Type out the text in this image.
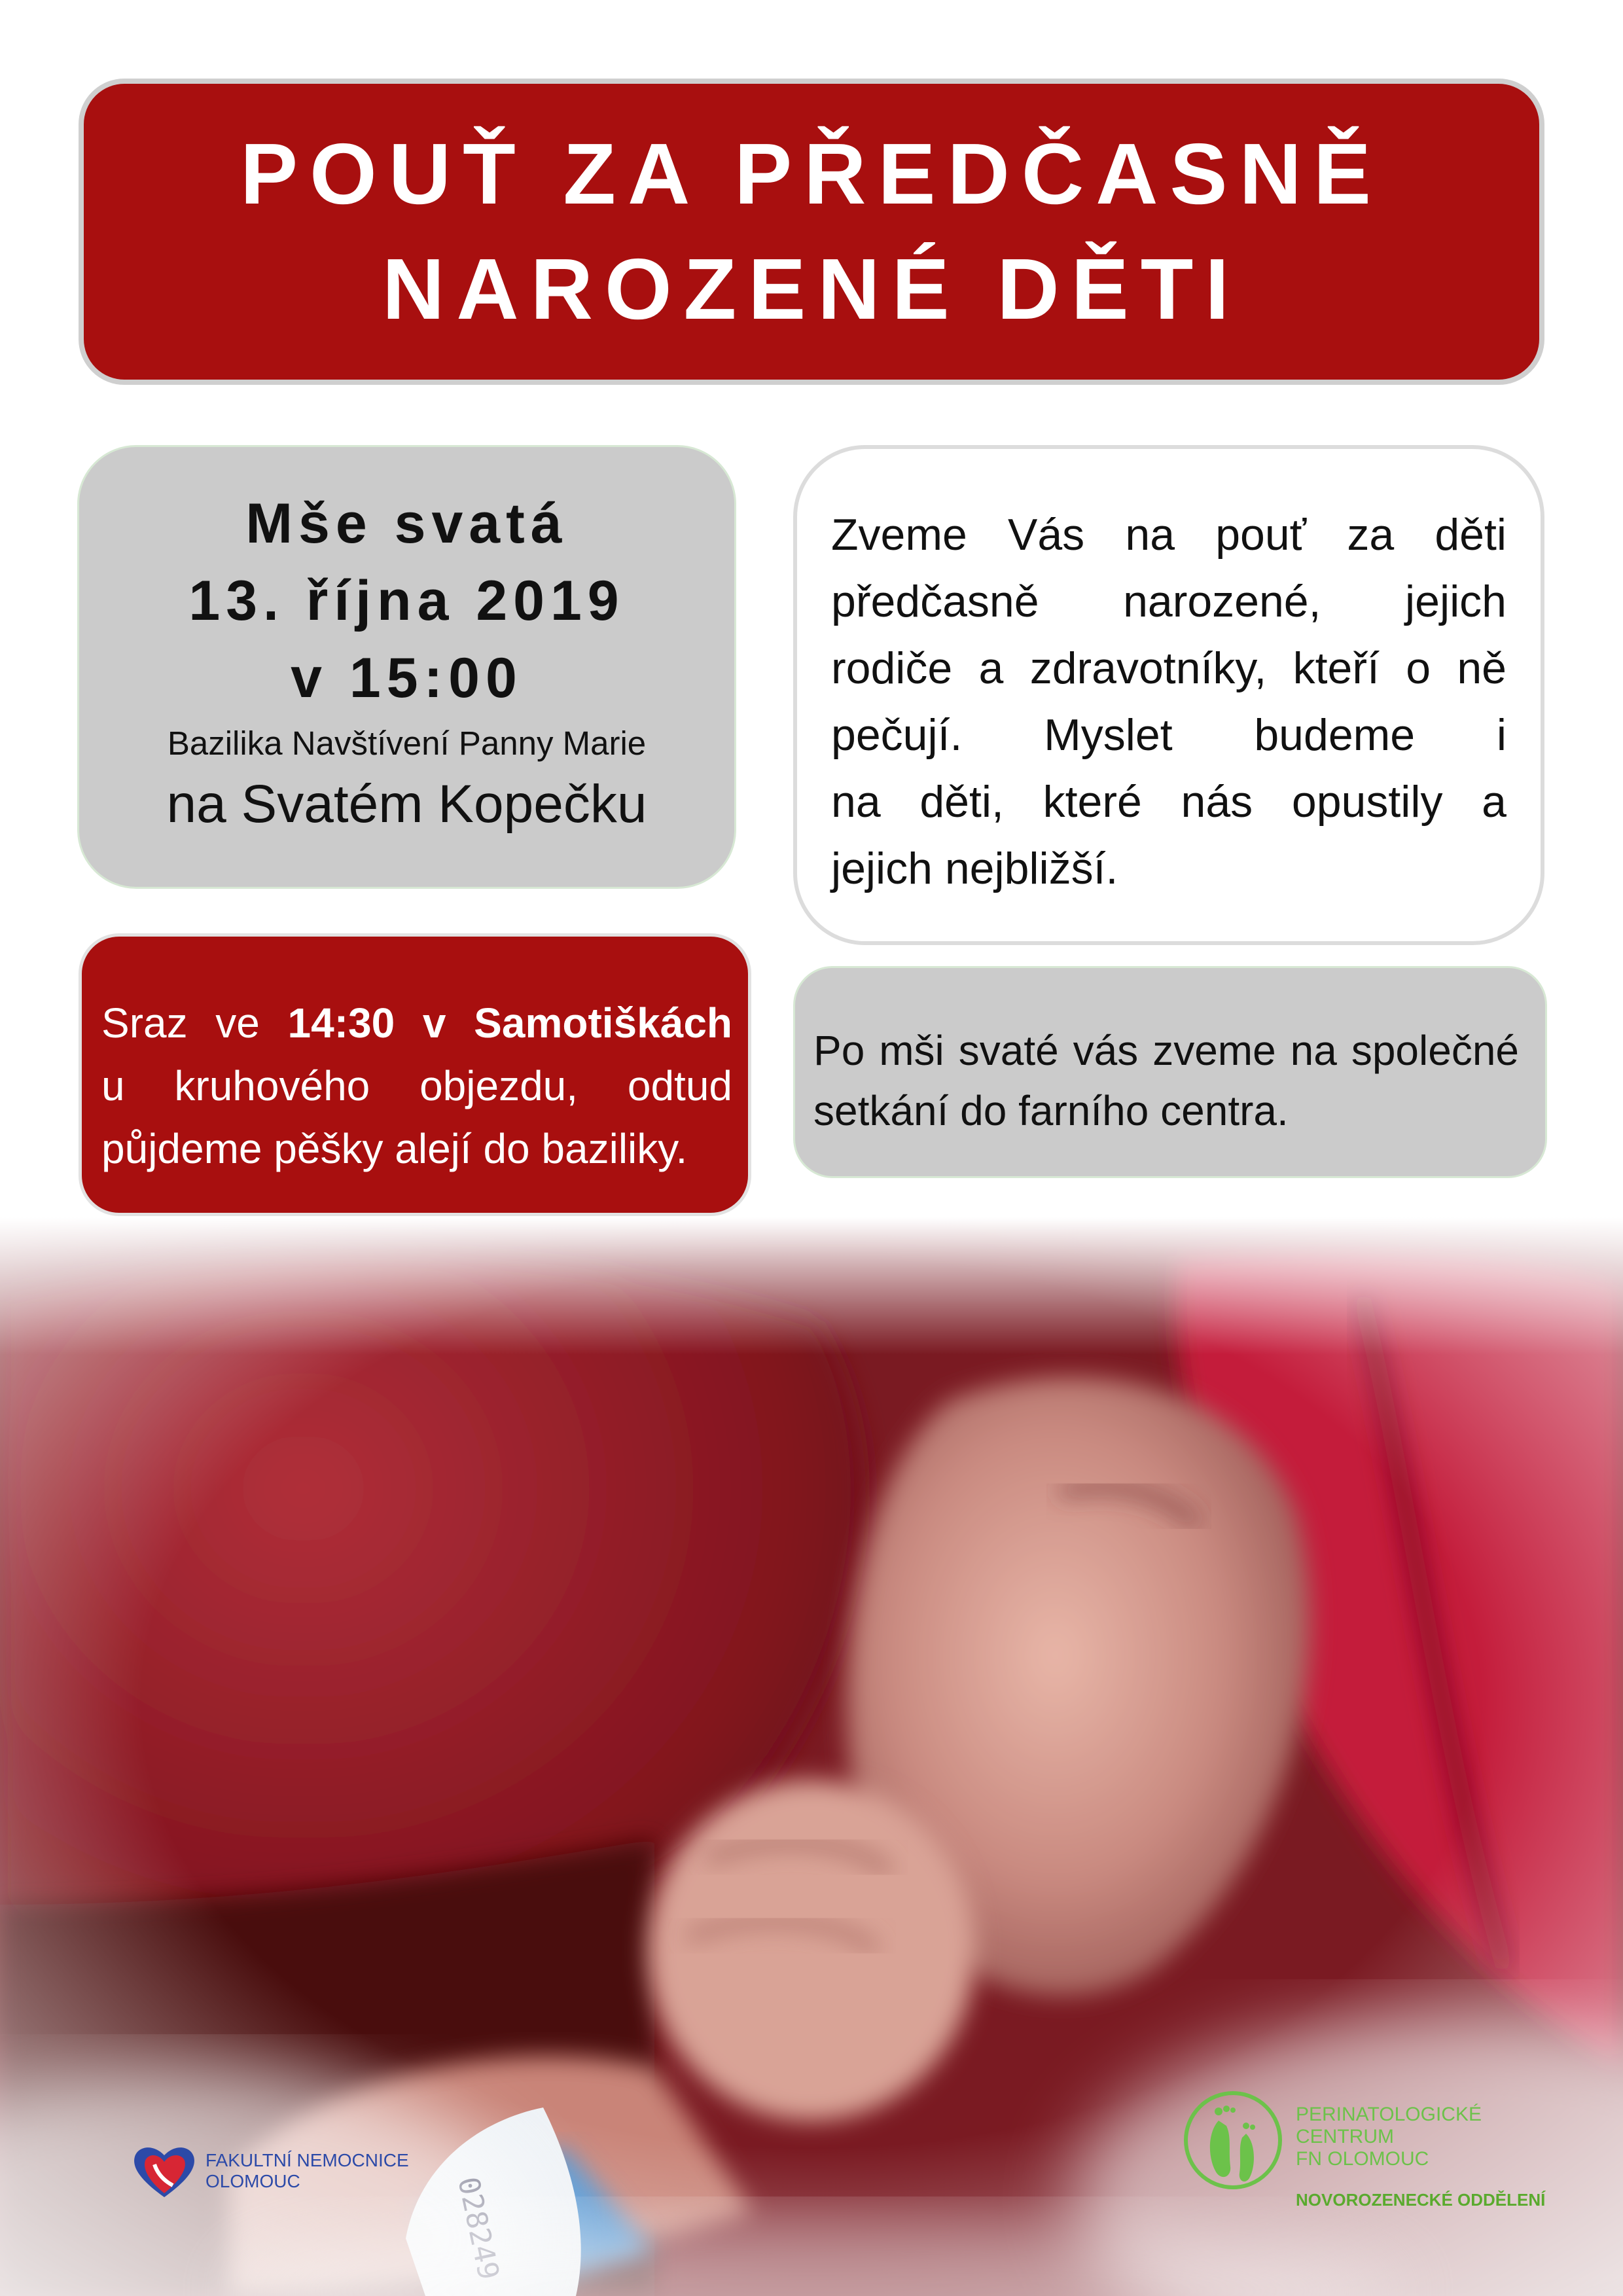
POUŤ ZA PŘEDČASNĚ
NAROZENÉ DĚTI
Mše svatá
13. října 2019
v 15:00
Bazilika Navštívení Panny Marie
na Svatém Kopečku
Zveme Vás na pouť za děti
předčasně narozené, jejich
rodiče a zdravotníky, kteří o ně
pečují. Myslet budeme i
na děti, které nás opustily a
jejich nejbližší.
Sraz ve 14:30 v Samotiškách
u kruhového objezdu, odtud
půjdeme pěšky alejí do baziliky.
Po mši svaté vás zveme na společné
setkání do farního centra.
FAKULTNÍ NEMOCNICE
OLOMOUC
PERINATOLOGICKÉ
CENTRUM
FN OLOMOUC
NOVOROZENECKÉ ODDĚLENÍ
